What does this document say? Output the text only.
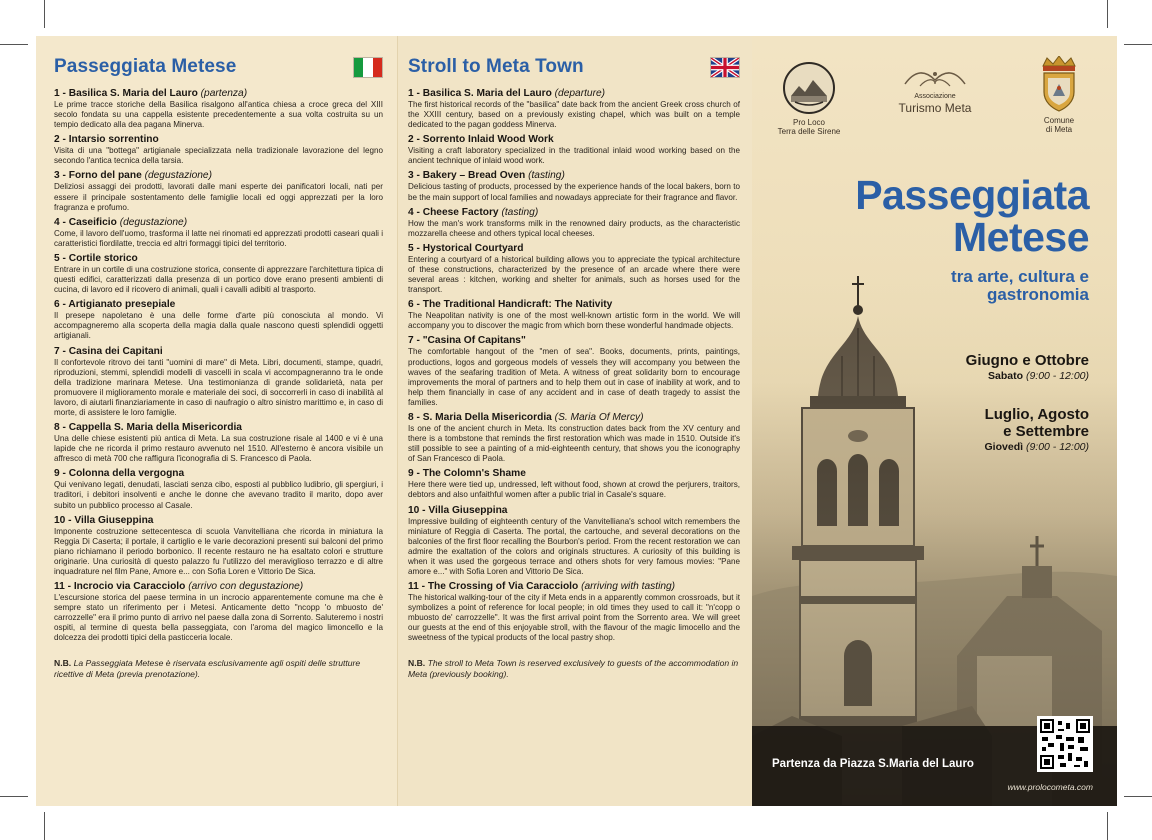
Passeggiata Metese
1 - Basilica S. Maria del Lauro (partenza)
Le prime tracce storiche della Basilica risalgono all'antica chiesa a croce greca del XIII secolo fondata su una cappella esistente precedentemente a sua volta costruita su un tempio dedicato alla dea pagana Minerva.
2 - Intarsio sorrentino
Visita di una "bottega" artigianale specializzata nella tradizionale lavorazione del legno secondo l'antica tecnica della tarsia.
3 - Forno del pane (degustazione)
Deliziosi assaggi dei prodotti, lavorati dalle mani esperte dei panificatori locali, nati per essere il principale sostentamento delle famiglie locali ed oggi apprezzati per la loro fragranza e profumo.
4 - Caseificio (degustazione)
Come, il lavoro dell'uomo, trasforma il latte nei rinomati ed apprezzati prodotti caseari quali i caratteristici fiordilatte, treccia ed altri formaggi tipici del territorio.
5 - Cortile storico
Entrare in un cortile di una costruzione storica, consente di apprezzare l'architettura tipica di questi edifici, caratterizzati dalla presenza di un portico dove erano presenti ambienti di cucina, di lavoro ed il ricovero di animali, quali i cavalli adibiti al trasporto.
6 - Artigianato presepiale
Il presepe napoletano è una delle forme d'arte più conosciuta al mondo. Vi accompagneremo alla scoperta della magia dalla quale nascono questi splendidi oggetti artigianali.
7 - Casina dei Capitani
Il confortevole ritrovo dei tanti "uomini di mare" di Meta. Libri, documenti, stampe, quadri, riproduzioni, stemmi, splendidi modelli di vascelli in scala vi accompagneranno tra le onde della tradizione marinara Metese. Una testimonianza di grande solidarietà, nata per promuovere il miglioramento morale e materiale dei soci, di soccorrerli in caso di inabilità al lavoro, di aiutarli finanziariamente in caso di naufragio o altro sinistro marittimo e, in caso di morte, di assistere le loro famiglie.
8 - Cappella S. Maria della Misericordia
Una delle chiese esistenti più antica di Meta. La sua costruzione risale al 1400 e vi è una lapide che ne ricorda il primo restauro avvenuto nel 1510. All'esterno è ancora visibile un affresco di metà 700 che raffigura l'iconografia di S. Francesco di Paola.
9 - Colonna della vergogna
Qui venivano legati, denudati, lasciati senza cibo, esposti al pubblico ludibrio, gli spergiuri, i traditori, i debitori insolventi e anche le donne che avevano tradito il marito, dopo aver subito un pubblico processo al Casale.
10 - Villa Giuseppina
Imponente costruzione settecentesca di scuola Vanvitelliana che ricorda in miniatura la Reggia Di Caserta; il portale, il cartiglio e le varie decorazioni presenti sui balconi del primo piano richiamano il periodo borbonico. Il recente restauro ne ha esaltato colori e strutture originarie. Una curiosità di questo palazzo fu l'utilizzo del meraviglioso terrazzo e di altre inquadrature nel film Pane, Amore e... con Sofia Loren e Vittorio De Sica.
11 - Incrocio via Caracciolo (arrivo con degustazione)
L'escursione storica del paese termina in un incrocio apparentemente comune ma che è sempre stato un riferimento per i Metesi. Anticamente detto "ncopp 'o mbuosto de' carrozzelle" era il primo punto di arrivo nel paese dalla zona di Sorrento. Saluteremo i nostri ospiti, al termine di questa bella passeggiata, con l'aroma del magico limoncello e la dolcezza dei prodotti tipici della pasticceria locale.
N.B. La Passeggiata Metese è riservata esclusivamente agli ospiti delle strutture ricettive di Meta (previa prenotazione).
Stroll to Meta Town
1 - Basilica S. Maria del Lauro (departure)
The first historical records of the "basilica" date back from the ancient Greek cross church of the XXIII century, based on a previously existing chapel, which was built on a temple dedicated to the pagan goddess Minerva.
2 - Sorrento Inlaid Wood Work
Visiting a craft laboratory specialized in the traditional inlaid wood working based on the ancient technique of inlaid wood work.
3 - Bakery – Bread Oven (tasting)
Delicious tasting of products, processed by the experience hands of the local bakers, born to be the main support of local families and nowadays appreciate for their fragrance and flavor.
4 - Cheese Factory (tasting)
How the man's work transforms milk in the renowned dairy products, as the characteristic mozzarella cheese and others typical local cheeses.
5 - Hystorical Courtyard
Entering a courtyard of a historical building allows you to appreciate the typical architecture of these constructions, characterized by the presence of an arcade where there were several areas : kitchen, working and shelter for animals, such as horses used for the transport.
6 - The Traditional Handicraft: The Nativity
The Neapolitan nativity is one of the most well-known artistic form in the world. We will accompany you to discover the magic from which born these wonderful handmade objects.
7 - "Casina Of Capitans"
The comfortable hangout of the "men of sea". Books, documents, prints, paintings, productions, logos and gorgeous models of vessels they will accompany you between the waves of the seafaring tradition of Meta. A witness of great solidarity born to encourage improvements the moral of partners and to help them out in case of inability at work, and to help them financially in case of any accident and in case of death tragedy to assist the families.
8 - S. Maria Della Misericordia (S. Maria Of Mercy)
Is one of the ancient church in Meta. Its construction dates back from the XV century and there is a tombstone that reminds the first restoration which was made in 1510. Outside it's still possible to see a painting of a mid-eighteenth century, that shows you the iconography of San Francesco di Paola.
9 - The Colomn's Shame
Here there were tied up, undressed, left without food, shown at crowd the perjurers, traitors, debtors and also unfaithful women after a public trial in Casale's square.
10 - Villa Giuseppina
Impressive building of eighteenth century of the Vanvitelliana's school witch remembers the miniature of Reggia di Caserta. The portal, the cartouche, and several decorations on the balconies of the first floor recalling the Bourbon's period. From the recent restoration we can admire the exaltation of the colors and originals structures. A curiosity of this building is when it was used the gorgeous terrace and others shots for very famous movies: "Pane amore e..." with Sofia Loren and Vittorio De Sica.
11 - The Crossing of Via Caracciolo (arriving with tasting)
The historical walking-tour of the city if Meta ends in a apparently common crossroads, but it symbolizes a point of reference for local people; in old times they used to call it: "n'copp o mbuosto de' carrozzelle". It was the first arrival point from the Sorrento area. We will greet our guests at the end of this enjoyable stroll, with the flavour of the magic limocello and the sweetness of the typical products of the local pastry shop.
N.B. The stroll to Meta Town is reserved exclusively to guests of the accommodation in Meta (previously booking).
Pro Loco
Terra delle Sirene
Associazione
Turismo Meta
Comune
di Meta
Passeggiata
Metese
tra arte, cultura e
gastronomia
Giugno e Ottobre
Sabato (9:00 - 12:00)
Luglio, Agosto
e Settembre
Giovedì (9:00 - 12:00)
Partenza da Piazza S.Maria del Lauro
www.prolocometa.com
